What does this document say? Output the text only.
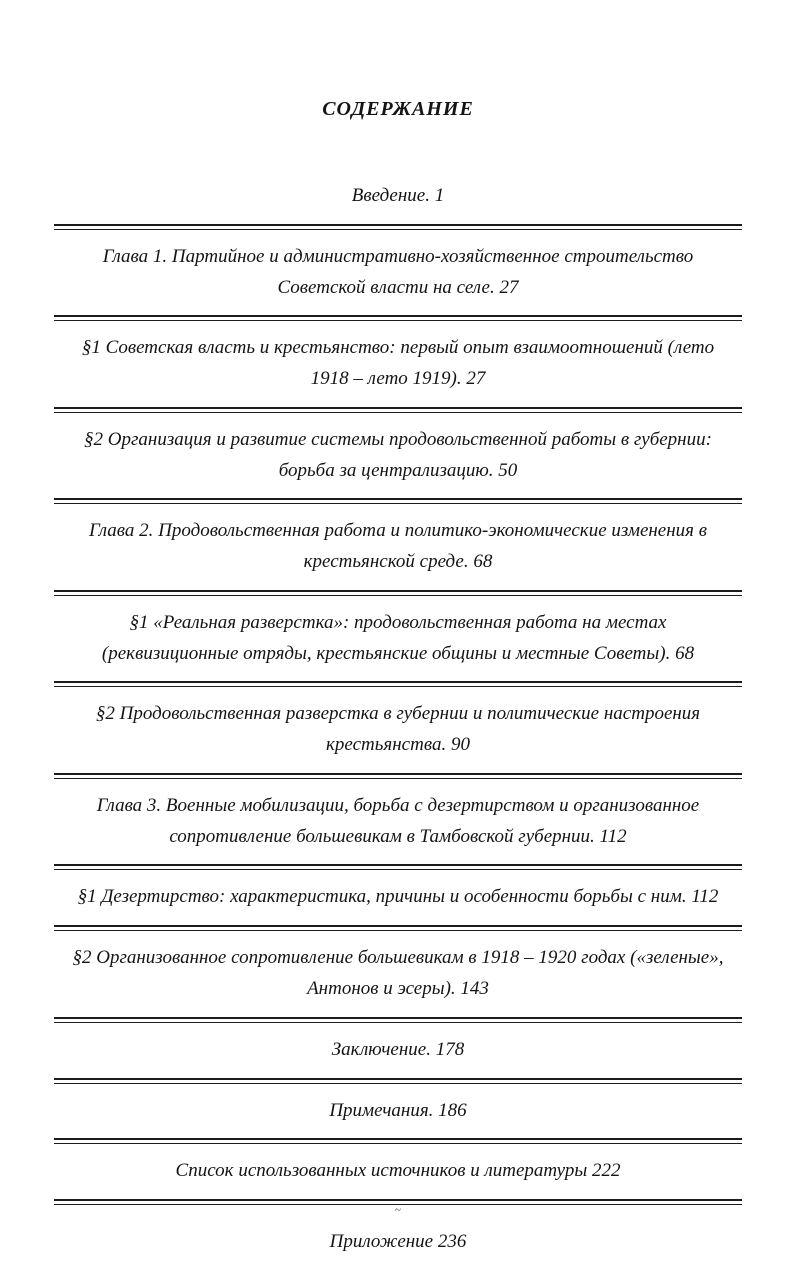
СОДЕРЖАНИЕ
Введение. 1
Глава 1. Партийное и административно-хозяйственное строительство Советской власти на селе. 27
§1 Советская власть и крестьянство: первый опыт взаимоотношений (лето 1918 – лето 1919). 27
§2 Организация и развитие системы продовольственной работы в губернии: борьба за централизацию. 50
Глава 2. Продовольственная работа и политико-экономические изменения в крестьянской среде. 68
§1 «Реальная разверстка»: продовольственная работа на местах (реквизиционные отряды, крестьянские общины и местные Советы). 68
§2 Продовольственная разверстка в губернии и политические настроения крестьянства. 90
Глава 3. Военные мобилизации, борьба с дезертирством и организованное сопротивление большевикам в Тамбовской губернии. 112
§1 Дезертирство: характеристика, причины и особенности борьбы с ним. 112
§2 Организованное сопротивление большевикам в 1918 – 1920 годах («зеленые», Антонов и эсеры). 143
Заключение. 178
Примечания. 186
Список использованных источников и литературы 222
~
Приложение 236
